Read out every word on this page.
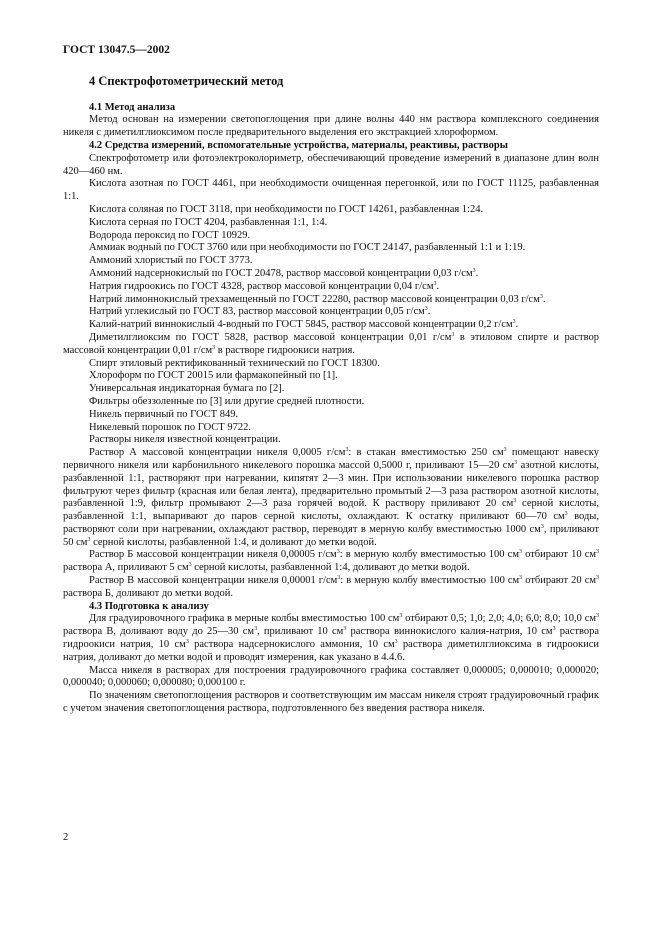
ГОСТ 13047.5—2002
4 Спектрофотометрический метод

4.1 Метод анализа

Метод основан на измерении светопоглощения при длине волны 440 нм раствора комплексного соединения никеля с диметилглиоксимом после предварительного выделения его экстракцией хлороформом.

4.2 Средства измерений, вспомогательные устройства, материалы, реактивы, растворы

Спектрофотометр или фотоэлектроколориметр, обеспечивающий проведение измерений в диапазоне длин волн 420—460 нм.

Кислота азотная по ГОСТ 4461, при необходимости очищенная перегонкой, или по ГОСТ 11125, разбавленная 1:1.

Кислота соляная по ГОСТ 3118, при необходимости по ГОСТ 14261, разбавленная 1:24.

Кислота серная по ГОСТ 4204, разбавленная 1:1, 1:4.

Водорода пероксид по ГОСТ 10929.

Аммиак водный по ГОСТ 3760 или при необходимости по ГОСТ 24147, разбавленный 1:1 и 1:19.

Аммоний хлористый по ГОСТ 3773.

Аммоний надсернокислый по ГОСТ 20478, раствор массовой концентрации 0,03 $г/см^3$.

Натрия гидроокись по ГОСТ 4328, раствор массовой концентрации 0,04 $г/см^3$.

Натрий лимоннокислый трехзамещенный по ГОСТ 22280, раствор массовой концентрации 0,03 $г/см^3$.

Натрий углекислый по ГОСТ 83, раствор массовой концентрации 0,05 $г/см^3$.

Калий-натрий виннокислый 4-водный по ГОСТ 5845, раствор массовой концентрации 0,2 $г/см^3$.

Диметилглиоксим по ГОСТ 5828, раствор массовой концентрации 0,01 $г/см^3$ в этиловом спирте и раствор массовой концентрации 0,01 $г/см^3$ в растворе гидроокиси натрия.

Спирт этиловый ректификованный технический по ГОСТ 18300.

Хлороформ по ГОСТ 20015 или фармакопейный по [1].

Универсальная индикаторная бумага по [2].

Фильтры обеззоленные по [3] или другие средней плотности.

Никель первичный по ГОСТ 849.

Никелевый порошок по ГОСТ 9722.

Растворы никеля известной концентрации.

Раствор А массовой концентрации никеля 0,0005 $г/см^3$: в стакан вместимостью 250 $см^3$ помещают навеску первичного никеля или карбонильного никелевого порошка массой 0,5000 г, приливают 15—20 $см^3$ азотной кислоты, разбавленной 1:1, растворяют при нагревании, кипятят 2—3 мин. При использовании никелевого порошка раствор фильтруют через фильтр (красная или белая лента), предварительно промытый 2—3 раза раствором азотной кислоты, разбавленной 1:9, фильтр промывают 2—3 раза горячей водой. К раствору приливают 20 $см^3$ серной кислоты, разбавленной 1:1, выпаривают до паров серной кислоты, охлаждают. К остатку приливают 60—70 $см^3$ воды, растворяют соли при нагревании, охлаждают раствор, переводят в мерную колбу вместимостью 1000 $см^3$, приливают 50 $см^3$ серной кислоты, разбавленной 1:4, и доливают до метки водой.

Раствор Б массовой концентрации никеля 0,00005 $г/см^3$: в мерную колбу вместимостью 100 $см^3$ отбирают 10 $см^3$ раствора А, приливают 5 $см^3$ серной кислоты, разбавленной 1:4, доливают до метки водой.

Раствор В массовой концентрации никеля 0,00001 $г/см^3$: в мерную колбу вместимостью 100 $см^3$ отбирают 20 $см^3$ раствора Б, доливают до метки водой.

4.3 Подготовка к анализу

Для градуировочного графика в мерные колбы вместимостью 100 $см^3$ отбирают 0,5; 1,0; 2,0; 4,0; 6,0; 8,0; 10,0 $см^3$ раствора В, доливают воду до 25—30 $см^3$, приливают 10 $см^3$ раствора виннокислого калия-натрия, 10 $см^3$ раствора гидроокиси натрия, 10 $см^3$ раствора надсернокислого аммония, 10 $см^3$ раствора диметилглиоксима в гидроокиси натрия, доливают до метки водой и проводят измерения, как указано в 4.4.6.

Масса никеля в растворах для построения градуировочного графика составляет 0,000005; 0,000010; 0,000020; 0,000040; 0,000060; 0,000080; 0,000100 г.

По значениям светопоглощения растворов и соответствующим им массам никеля строят градуировочный график с учетом значения светопоглощения раствора, подготовленного без введения раствора никеля.

2
